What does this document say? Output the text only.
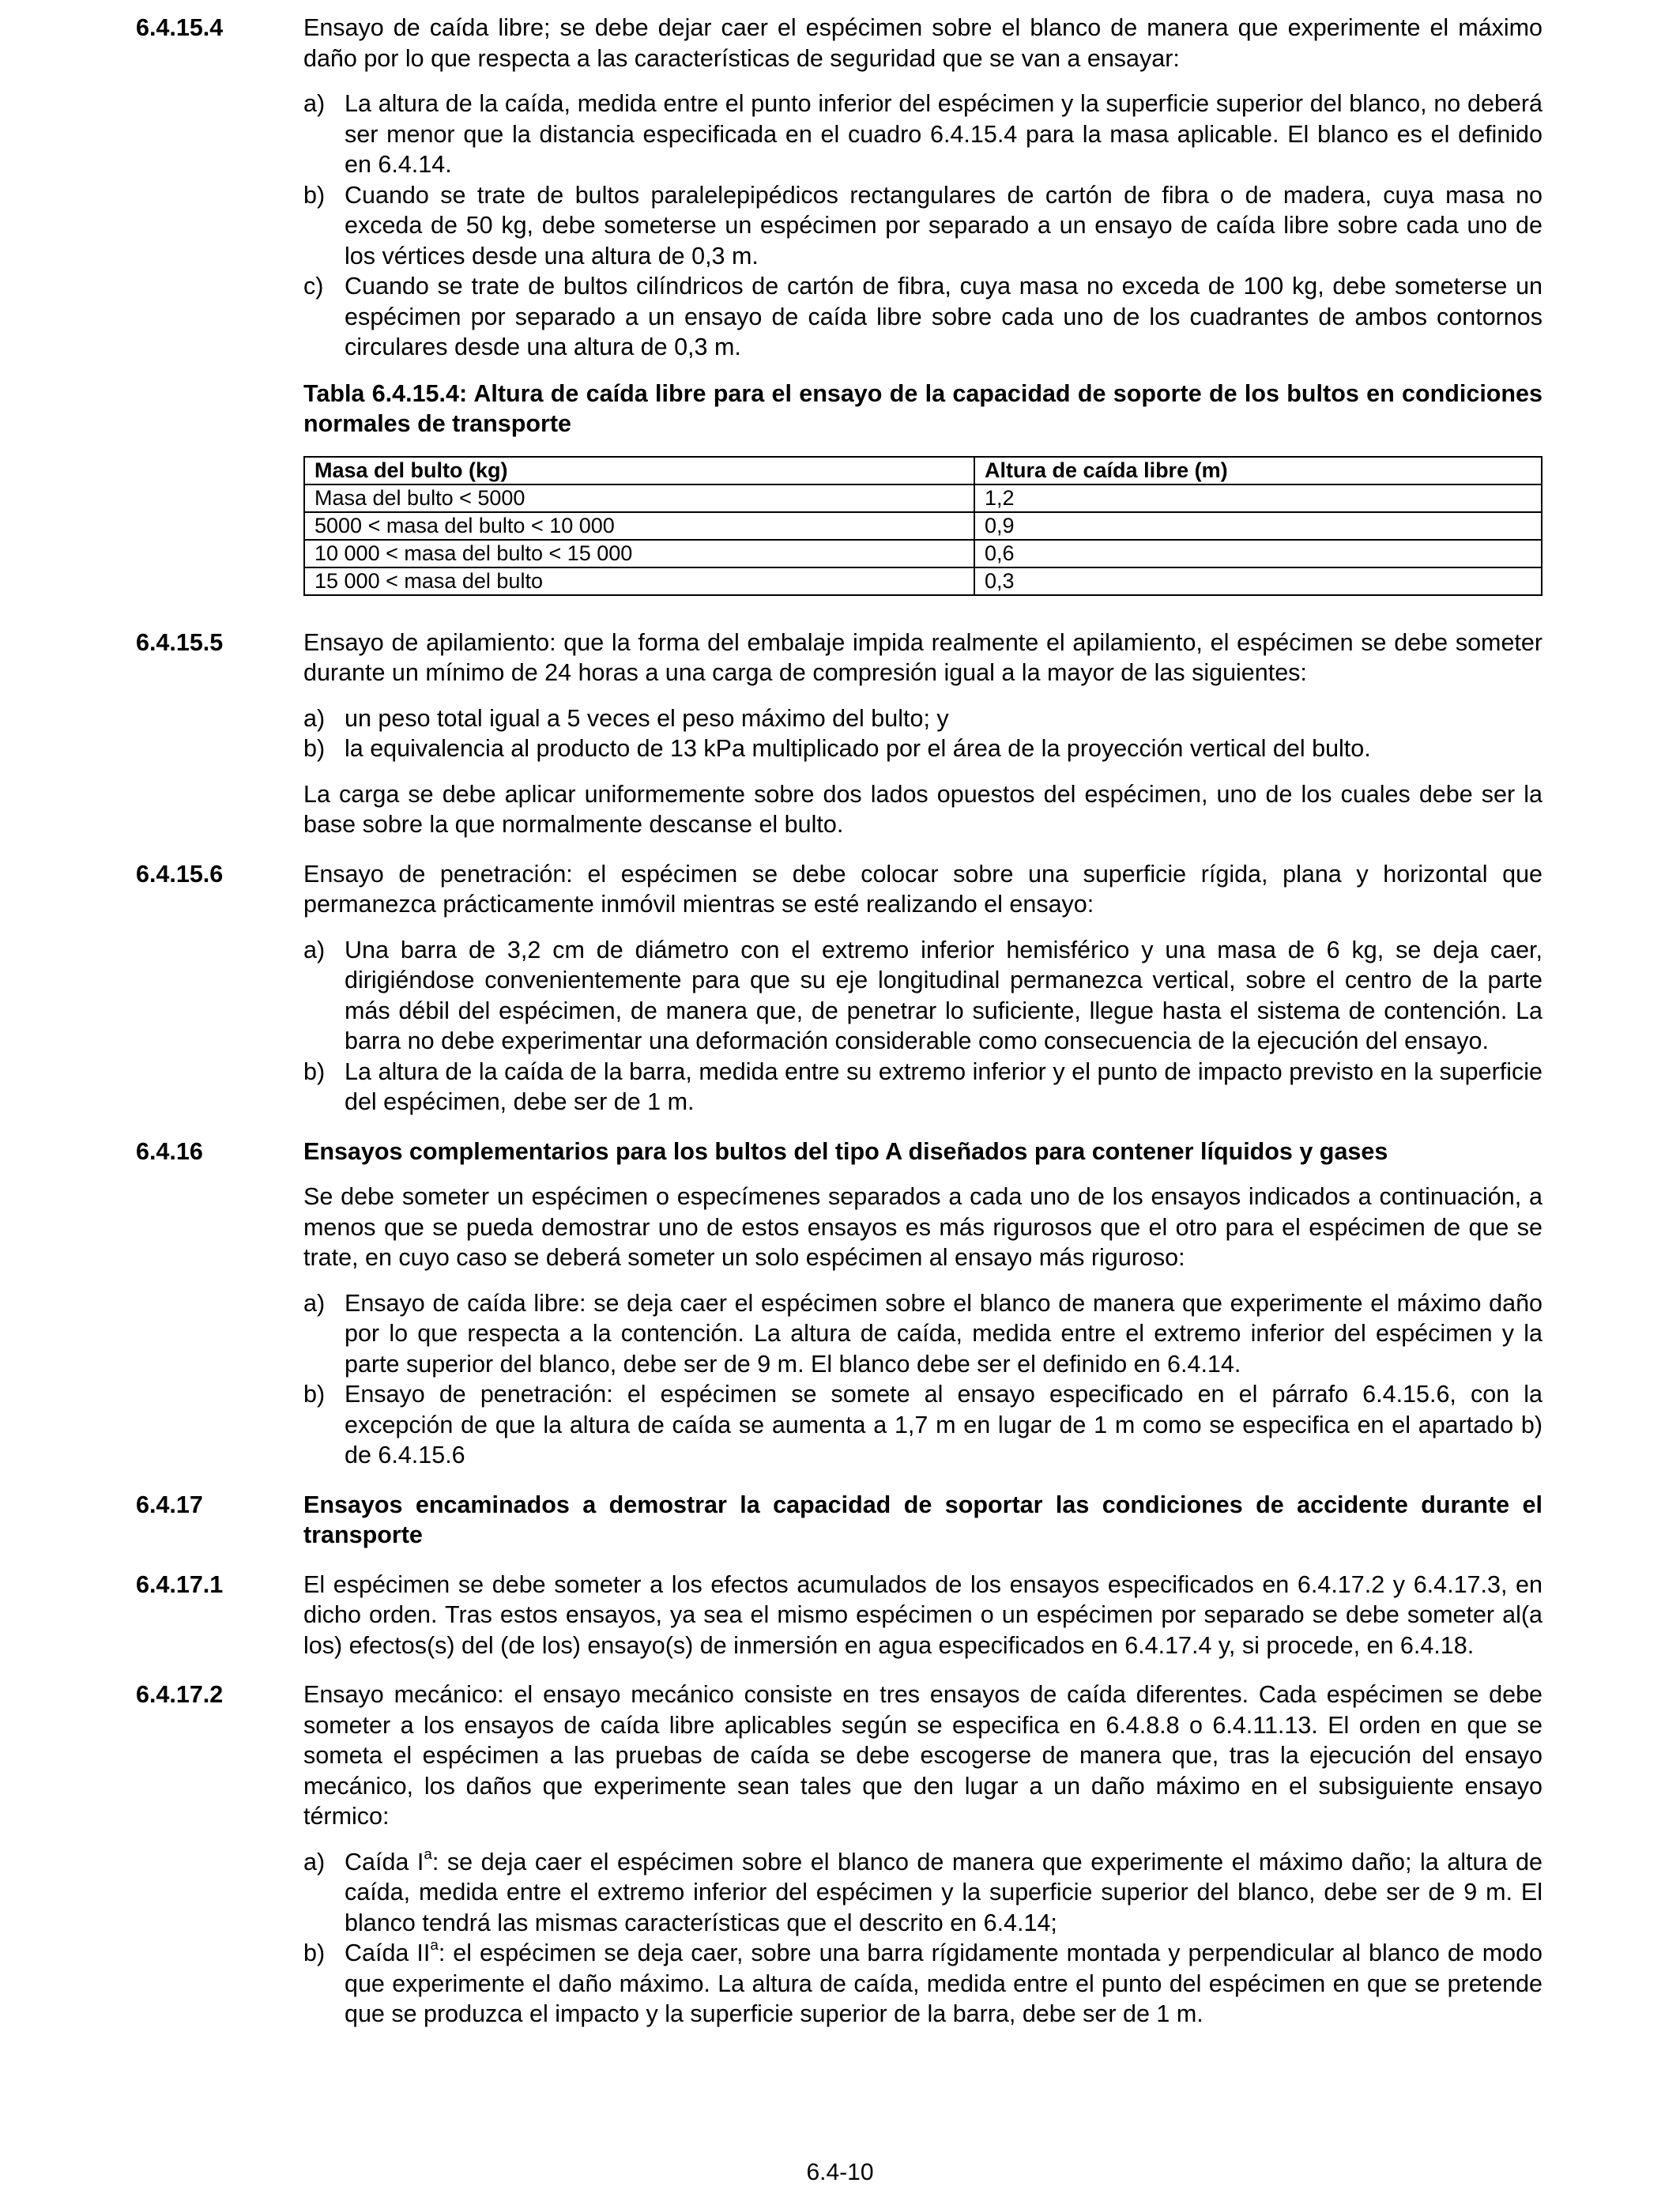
6.4.15.4	Ensayo de caída libre; se debe dejar caer el espécimen sobre el blanco de manera que experimente el máximo daño por lo que respecta a las características de seguridad que se van a ensayar:

a) La altura de la caída, medida entre el punto inferior del espécimen y la superficie superior del blanco, no deberá ser menor que la distancia especificada en el cuadro 6.4.15.4 para la masa aplicable. El blanco es el definido en 6.4.14.

b) Cuando se trate de bultos paralelepipédicos rectangulares de cartón de fibra o de madera, cuya masa no exceda de 50 kg, debe someterse un espécimen por separado a un ensayo de caída libre sobre cada uno de los vértices desde una altura de 0,3 m.

c) Cuando se trate de bultos cilíndricos de cartón de fibra, cuya masa no exceda de 100 kg, debe someterse un espécimen por separado a un ensayo de caída libre sobre cada uno de los cuadrantes de ambos contornos circulares desde una altura de 0,3 m.

Tabla 6.4.15.4: Altura de caída libre para el ensayo de la capacidad de soporte de los bultos en condiciones normales de transporte

Masa del bulto (kg)	Altura de caída libre (m)
Masa del bulto < 5000	1,2
5000 < masa del bulto < 10 000	0,9
10 000 < masa del bulto < 15 000	0,6
15 000 < masa del bulto	0,3
6.4.15.5	Ensayo de apilamiento: que la forma del embalaje impida realmente el apilamiento, el espécimen se debe someter durante un mínimo de 24 horas a una carga de compresión igual a la mayor de las siguientes:

a) un peso total igual a 5 veces el peso máximo del bulto; y

b) la equivalencia al producto de 13 kPa multiplicado por el área de la proyección vertical del bulto.

La carga se debe aplicar uniformemente sobre dos lados opuestos del espécimen, uno de los cuales debe ser la base sobre la que normalmente descanse el bulto.

6.4.15.6	Ensayo de penetración: el espécimen se debe colocar sobre una superficie rígida, plana y horizontal que permanezca prácticamente inmóvil mientras se esté realizando el ensayo:

a) Una barra de 3,2 cm de diámetro con el extremo inferior hemisférico y una masa de 6 kg, se deja caer, dirigiéndose convenientemente para que su eje longitudinal permanezca vertical, sobre el centro de la parte más débil del espécimen, de manera que, de penetrar lo suficiente, llegue hasta el sistema de contención. La barra no debe experimentar una deformación considerable como consecuencia de la ejecución del ensayo.

b) La altura de la caída de la barra, medida entre su extremo inferior y el punto de impacto previsto en la superficie del espécimen, debe ser de 1 m.

6.4.16	Ensayos complementarios para los bultos del tipo A diseñados para contener líquidos y gases

Se debe someter un espécimen o especímenes separados a cada uno de los ensayos indicados a continuación, a menos que se pueda demostrar uno de estos ensayos es más rigurosos que el otro para el espécimen de que se trate, en cuyo caso se deberá someter un solo espécimen al ensayo más riguroso:

a) Ensayo de caída libre: se deja caer el espécimen sobre el blanco de manera que experimente el máximo daño por lo que respecta a la contención. La altura de caída, medida entre el extremo inferior del espécimen y la parte superior del blanco, debe ser de 9 m. El blanco debe ser el definido en 6.4.14.

b) Ensayo de penetración: el espécimen se somete al ensayo especificado en el párrafo 6.4.15.6, con la excepción de que la altura de caída se aumenta a 1,7 m en lugar de 1 m como se especifica en el apartado b) de 6.4.15.6

6.4.17	Ensayos encaminados a demostrar la capacidad de soportar las condiciones de accidente durante el transporte

6.4.17.1	El espécimen se debe someter a los efectos acumulados de los ensayos especificados en 6.4.17.2 y 6.4.17.3, en dicho orden. Tras estos ensayos, ya sea el mismo espécimen o un espécimen por separado se debe someter al(a los) efectos(s) del (de los) ensayo(s) de inmersión en agua especificados en 6.4.17.4 y, si procede, en 6.4.18.

6.4.17.2	Ensayo mecánico: el ensayo mecánico consiste en tres ensayos de caída diferentes. Cada espécimen se debe someter a los ensayos de caída libre aplicables según se especifica en 6.4.8.8 o 6.4.11.13. El orden en que se someta el espécimen a las pruebas de caída se debe escogerse de manera que, tras la ejecución del ensayo mecánico, los daños que experimente sean tales que den lugar a un daño máximo en el subsiguiente ensayo térmico:

a) Caída $I^a$: se deja caer el espécimen sobre el blanco de manera que experimente el máximo daño; la altura de caída, medida entre el extremo inferior del espécimen y la superficie superior del blanco, debe ser de 9 m. El blanco tendrá las mismas características que el descrito en 6.4.14;

b) Caída $II^a$: el espécimen se deja caer, sobre una barra rígidamente montada y perpendicular al blanco de modo que experimente el daño máximo. La altura de caída, medida entre el punto del espécimen en que se pretende que se produzca el impacto y la superficie superior de la barra, debe ser de 1 m.

6.4-10
